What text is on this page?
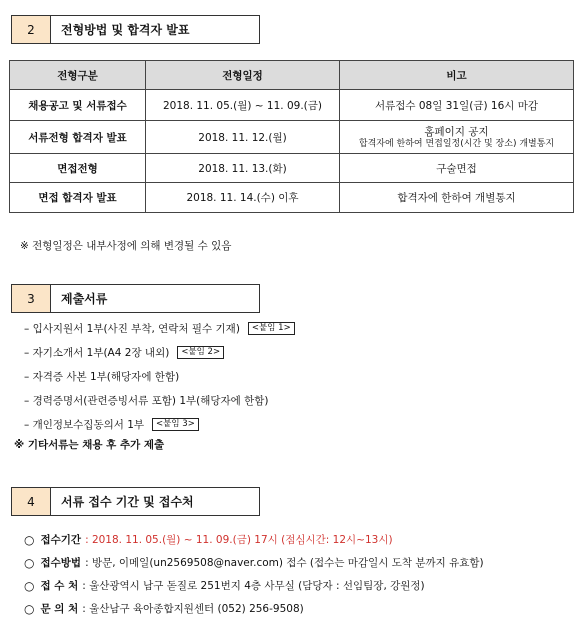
2	전형방법 및 합격자 발표
전형구분	전형일정	비고
채용공고 및 서류접수	2018. 11. 05.(월) ~ 11. 09.(금)	서류접수 08일 31일(금) 16시 마감
서류전형 합격자 발표	2018. 11. 12.(월)	홈페이지 공지
합격자에 한하여 면접일정(시간 및 장소) 개별통지

면접전형	2018. 11. 13.(화)	구술면접
면접 합격자 발표	2018. 11. 14.(수) 이후	합격자에 한하여 개별통지
※ 전형일정은 내부사정에 의해 변경될 수 있음
3	제출서류
– 입사지원서 1부(사진 부착, 연락처 필수 기재)	<붙임 1>
– 자기소개서 1부(A4 2장 내외)	<붙임 2>
– 자격증 사본 1부(해당자에 한함)
– 경력증명서(관련증빙서류 포함) 1부(해당자에 한함)
– 개인정보수집동의서 1부	<붙임 3>
※ 기타서류는 채용 후 추가 제출
4	서류 접수 기간 및 접수처
○ 접수기간 : 2018. 11. 05.(월) ~ 11. 09.(금) 17시 (점심시간: 12시~13시)
○ 접수방법 : 방문, 이메일(un2569508@naver.com) 접수 (접수는 마감일시 도착 분까지 유효함)
○ 접 수 처 : 울산광역시 남구 돋질로 251번지 4층 사무실 (담당자 : 선임팀장, 강원정)
○ 문 의 처 : 울산남구 육아종합지원센터 (052) 256-9508)
